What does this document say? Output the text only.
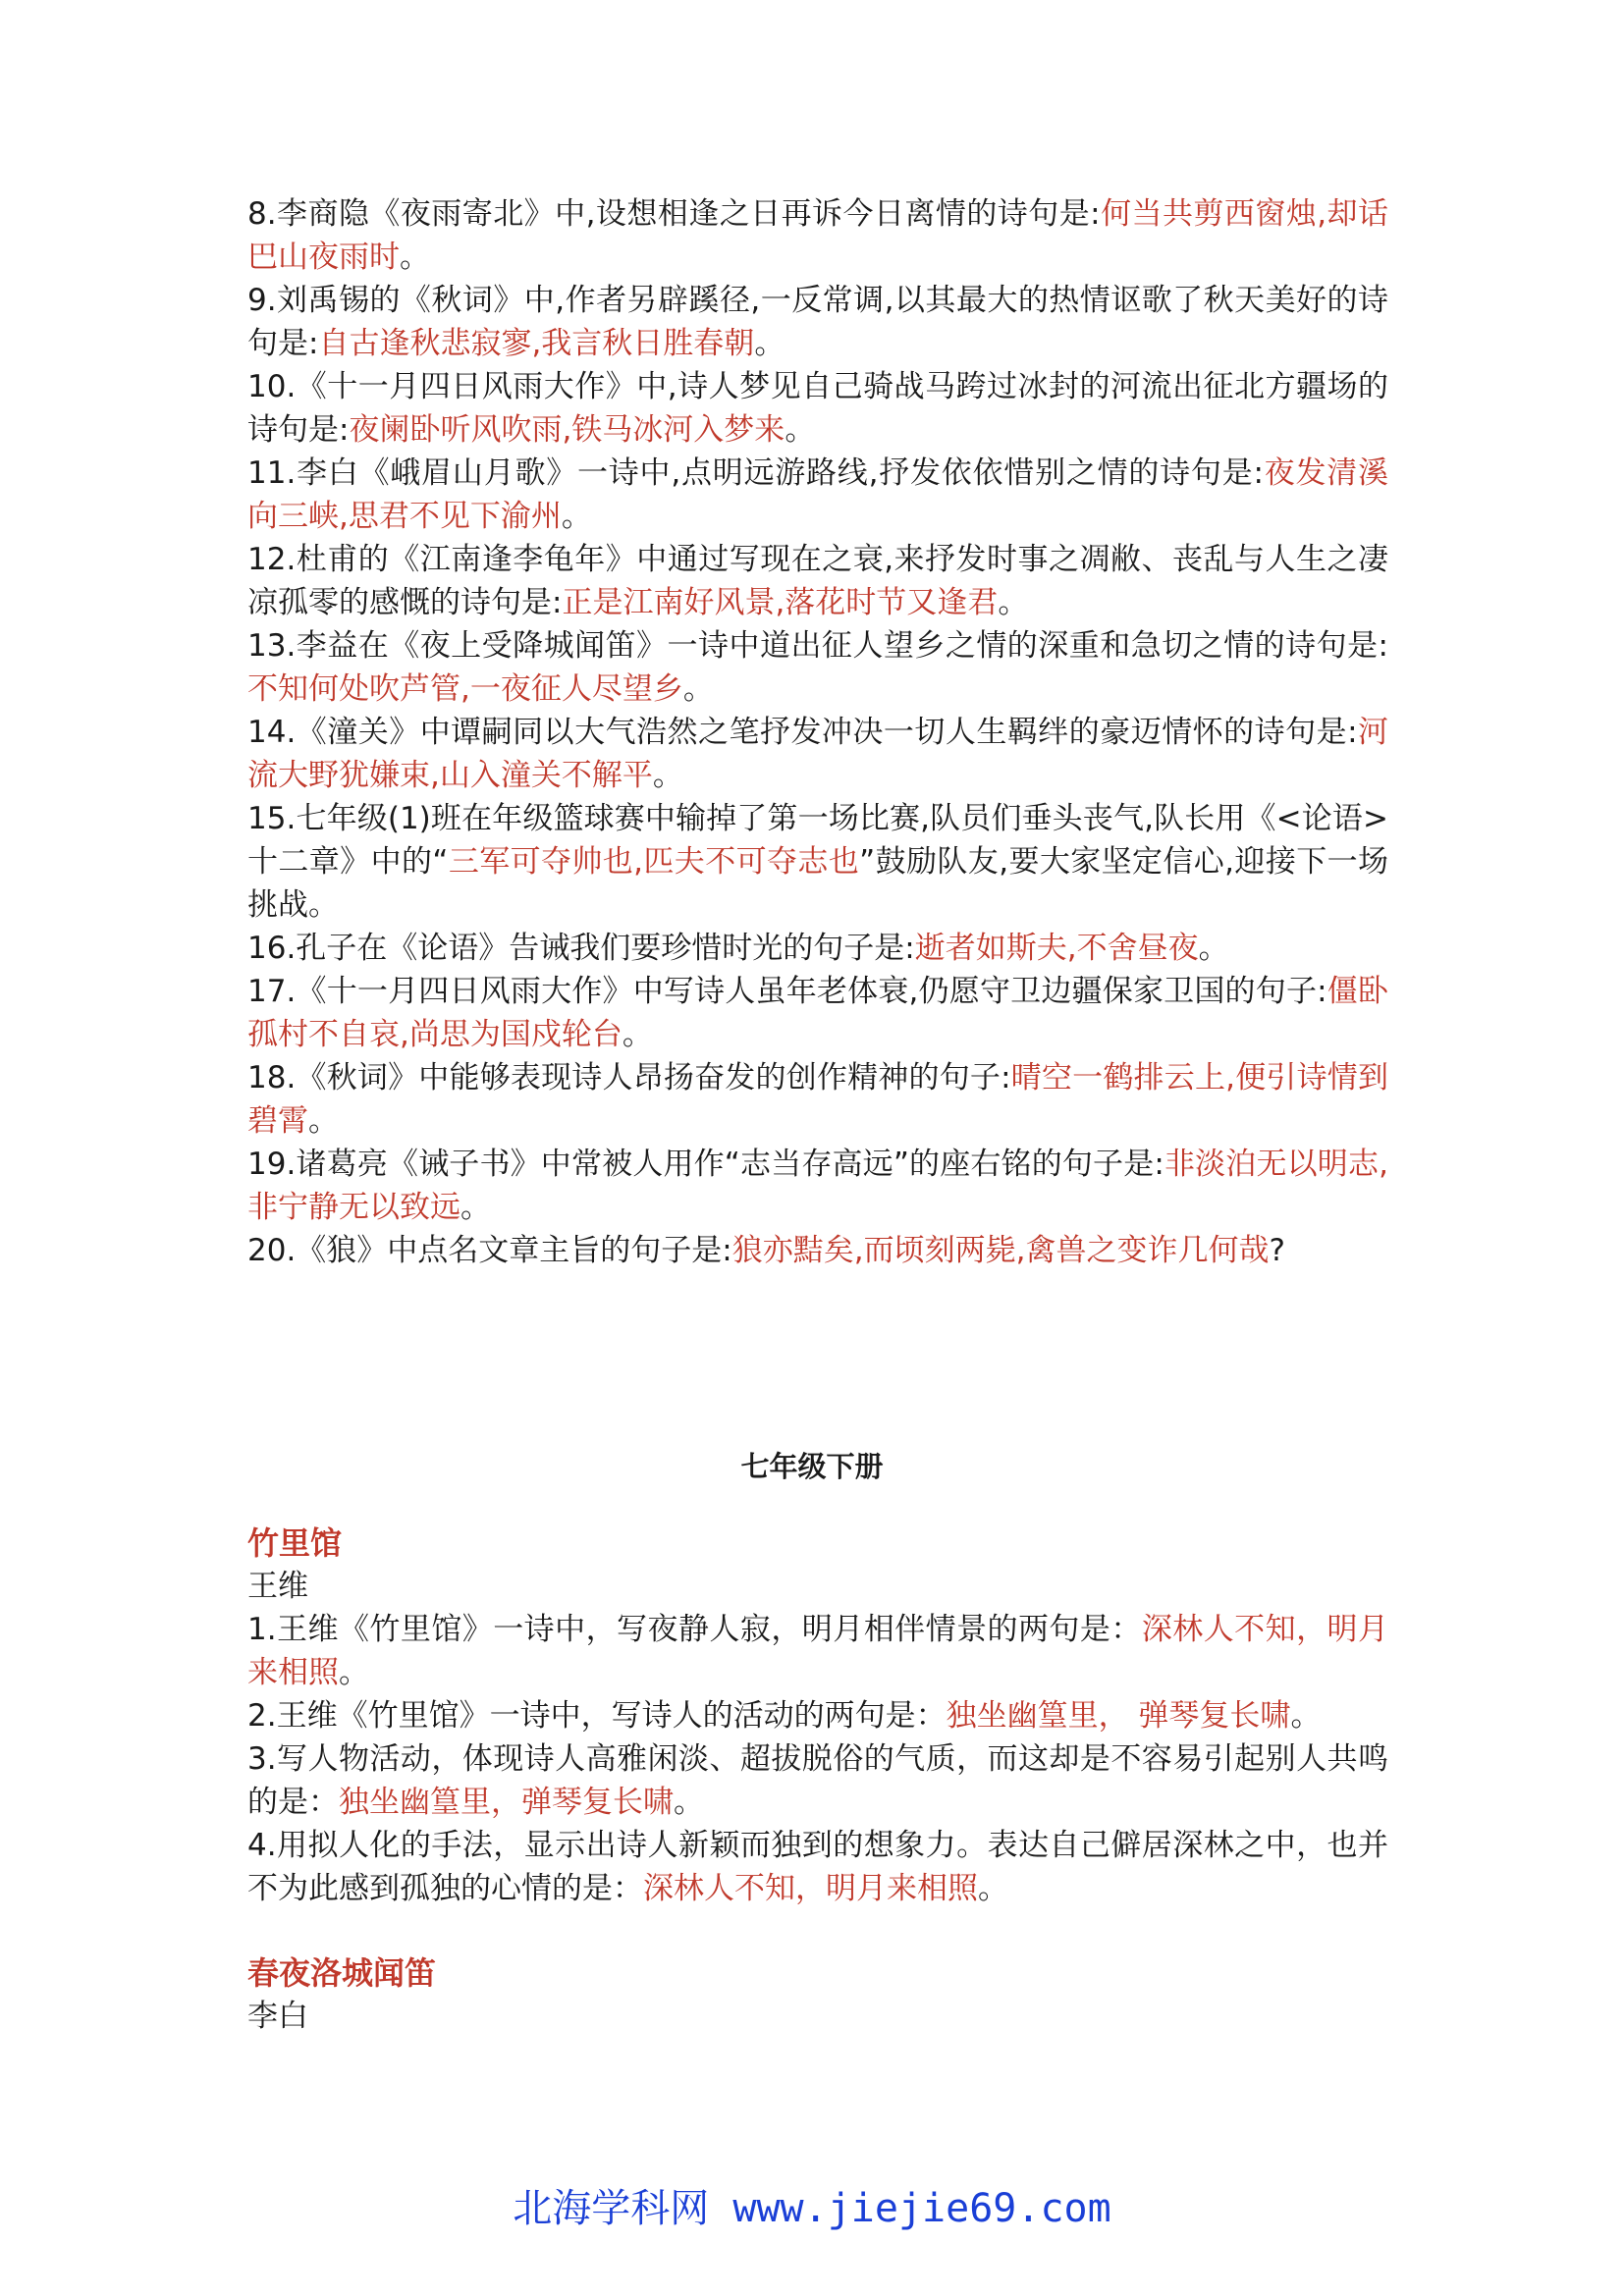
8.李商隐《夜雨寄北》中,设想相逢之日再诉今日离情的诗句是:何当共剪西窗烛,却话巴山夜雨时。

9.刘禹锡的《秋词》中,作者另辟蹊径,一反常调,以其最大的热情讴歌了秋天美好的诗句是:自古逢秋悲寂寥,我言秋日胜春朝。

10.《十一月四日风雨大作》中,诗人梦见自己骑战马跨过冰封的河流出征北方疆场的诗句是:夜阑卧听风吹雨,铁马冰河入梦来。

11.李白《峨眉山月歌》一诗中,点明远游路线,抒发依依惜别之情的诗句是:夜发清溪向三峡,思君不见下渝州。

12.杜甫的《江南逢李龟年》中通过写现在之衰,来抒发时事之凋敝、丧乱与人生之凄凉孤零的感慨的诗句是:正是江南好风景,落花时节又逢君。

13.李益在《夜上受降城闻笛》一诗中道出征人望乡之情的深重和急切之情的诗句是:不知何处吹芦管,一夜征人尽望乡。

14.《潼关》中谭嗣同以大气浩然之笔抒发冲决一切人生羁绊的豪迈情怀的诗句是:河流大野犹嫌束,山入潼关不解平。

15.七年级(1)班在年级篮球赛中输掉了第一场比赛,队员们垂头丧气,队长用《<论语>十二章》中的“三军可夺帅也,匹夫不可夺志也”鼓励队友,要大家坚定信心,迎接下一场挑战。

16.孔子在《论语》告诫我们要珍惜时光的句子是:逝者如斯夫,不舍昼夜。

17.《十一月四日风雨大作》中写诗人虽年老体衰,仍愿守卫边疆保家卫国的句子:僵卧孤村不自哀,尚思为国戍轮台。

18.《秋词》中能够表现诗人昂扬奋发的创作精神的句子:晴空一鹤排云上,便引诗情到碧霄。

19.诸葛亮《诫子书》中常被人用作“志当存高远”的座右铭的句子是:非淡泊无以明志,非宁静无以致远。

20.《狼》中点名文章主旨的句子是:狼亦黠矣,而顷刻两毙,禽兽之变诈几何哉?

七年级下册

竹里馆

王维

1.王维《竹里馆》一诗中，写夜静人寂，明月相伴情景的两句是：深林人不知，明月来相照。

2.王维《竹里馆》一诗中，写诗人的活动的两句是：独坐幽篁里， 弹琴复长啸。

3.写人物活动，体现诗人高雅闲淡、超拔脱俗的气质，而这却是不容易引起别人共鸣的是：独坐幽篁里，弹琴复长啸。

4.用拟人化的手法，显示出诗人新颖而独到的想象力。表达自己僻居深林之中，也并不为此感到孤独的心情的是：深林人不知，明月来相照。

春夜洛城闻笛

李白

北海学科网 www.jiejie69.com
